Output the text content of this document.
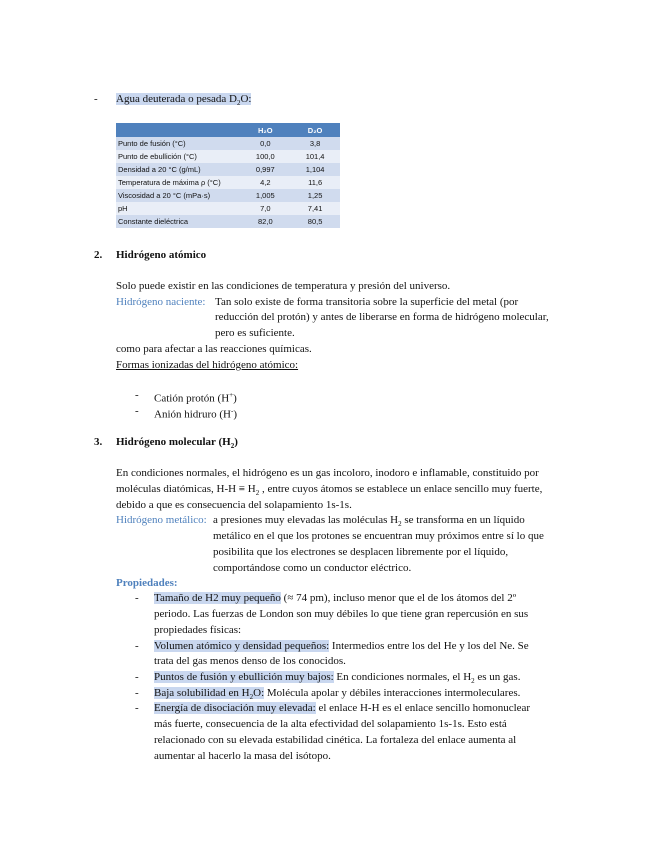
- Agua deuterada o pesada $D_2O$:
	H₂O	D₂O
Punto de fusión (°C)	0,0	3,8
Punto de ebullición (°C)	100,0	101,4
Densidad a 20 °C (g/mL)	0,997	1,104
Temperatura de máxima ρ (°C)	4,2	11,6
Viscosidad a 20 °C (mPa·s)	1,005	1,25
pH	7,0	7,41
Constante dieléctrica	82,0	80,5
2. Hidrógeno atómico
Solo puede existir en las condiciones de temperatura y presión del universo.
Hidrógeno naciente: Tan solo existe de forma transitoria sobre la superficie del metal (por
reducción del protón) y antes de liberarse en forma de hidrógeno molecular,
pero es suficiente.
como para afectar a las reacciones químicas.
Formas ionizadas del hidrógeno atómico:
- Catión protón (H+)
- Anión hidruro (H-)
3. Hidrógeno molecular $(H_2)$
En condiciones normales, el hidrógeno es un gas incoloro, inodoro e inflamable, constituido por
moléculas diatómicas, $H-H \equiv H_2$ , entre cuyos átomos se establece un enlace sencillo muy fuerte,
debido a que es consecuencia del solapamiento 1s-1s.
Hidrógeno metálico: a presiones muy elevadas las moléculas $H_2$ se transforma en un líquido
metálico en el que los protones se encuentran muy próximos entre sí lo que
posibilita que los electrones se desplacen libremente por el líquido,
comportándose como un conductor eléctrico.
Propiedades:
- Tamaño de H2 muy pequeño (≈ 74 pm), incluso menor que el de los átomos del 2º
periodo. Las fuerzas de London son muy débiles lo que tiene gran repercusión en sus
propiedades físicas:
- Volumen atómico y densidad pequeños: Intermedios entre los del He y los del Ne. Se
trata del gas menos denso de los conocidos.
- Puntos de fusión y ebullición muy bajos: En condiciones normales, el $H_2$ es un gas.
- Baja solubilidad en $H_2O$: Molécula apolar y débiles interacciones intermoleculares.
- Energía de disociación muy elevada: el enlace H-H es el enlace sencillo homonuclear
más fuerte, consecuencia de la alta efectividad del solapamiento 1s-1s. Esto está
relacionado con su elevada estabilidad cinética. La fortaleza del enlace aumenta al
aumentar al hacerlo la masa del isótopo.
